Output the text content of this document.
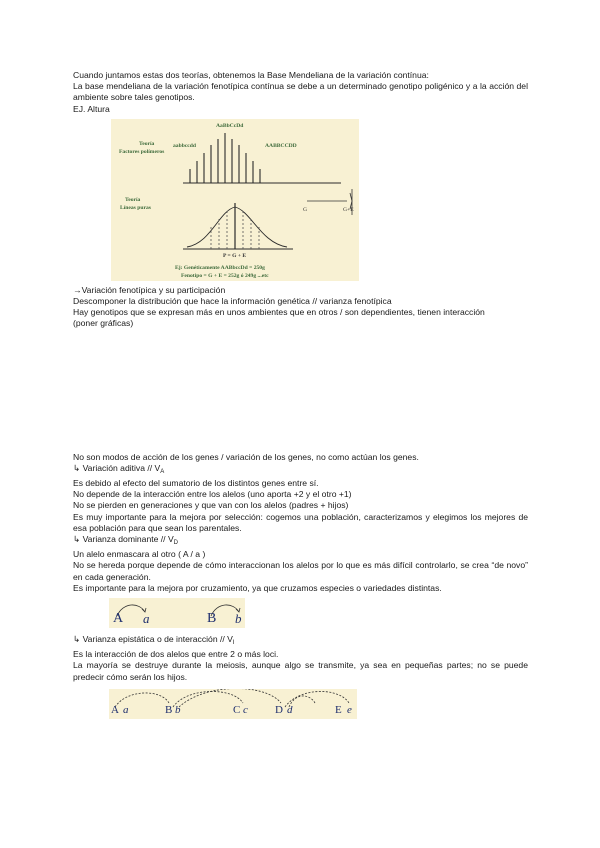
Cuando juntamos estas dos teorías, obtenemos la Base Mendeliana de la variación contínua:

La base mendeliana de la variación fenotípica contínua se debe a un determinado genotipo poligénico y a la acción del ambiente sobre tales genotipos.

EJ. Altura

AaBbCcDd
aabbccdd	AABBCCDD
Teoría
Factores polímeros
Teoría
Líneas puras
P = G + E
Ej: Genéticamente AABbccDd = 250g
Fenotipo = G + E = 252g ó 249g ...etc
G	G+E

→Variación fenotípica y su participación

Descomponer la distribución que hace la información genética // varianza fenotípica

Hay genotipos que se expresan más en unos ambientes que en otros / son dependientes, tienen interacción

(poner gráficas)

No son modos de acción de los genes / variación de los genes, no como actúan los genes.

↳ Variación aditiva // $V_A$

Es debido al efecto del sumatorio de los distintos genes entre sí.

No depende de la interacción entre los alelos (uno aporta +2 y el otro +1)

No se pierden en generaciones y que van con los alelos (padres + hijos)

Es muy importante para la mejora por selección: cogemos una población, caracterizamos y elegimos los mejores de esa población para que sean los parentales.

↳ Varianza dominante // $V_D$

Un alelo enmascara al otro ( A / a )

No se hereda porque depende de cómo interaccionan los alelos por lo que es más difícil controlarlo, se crea “de novo” en cada generación.

Es importante para la mejora por cruzamiento, ya que cruzamos especies o variedades distintas.

A a	B b

↳ Varianza epistática o de interacción // $V_I$

Es la interacción de dos alelos que entre 2 o más loci.

La mayoría se destruye durante la meiosis, aunque algo se transmite, ya sea en pequeñas partes; no se puede predecir cómo serán los hijos.

A a	B b	C c D d	E e
